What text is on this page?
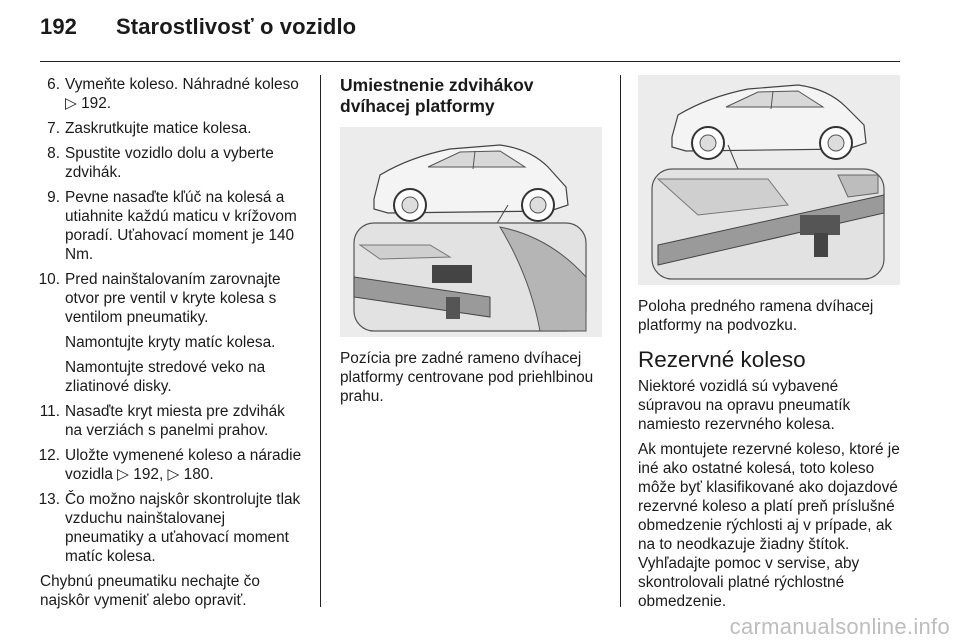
192 Starostlivosť o vozidlo
6. Vymeňte koleso. Náhradné koleso ▷ 192.

7. Zaskrutkujte matice kolesa.

8. Spustite vozidlo dolu a vyberte zdvihák.

9. Pevne nasaďte kľúč na kolesá a utiahnite každú maticu v krížovom poradí. Uťahovací moment je 140 Nm.

10. Pred nainštalovaním zarovnajte otvor pre ventil v kryte kolesa s ventilom pneumatiky.

Namontujte kryty matíc kolesa.

Namontujte stredové veko na zliatinové disky.

11. Nasaďte kryt miesta pre zdvihák na verziách s panelmi prahov.

12. Uložte vymenené koleso a náradie vozidla ▷ 192, ▷ 180.

13. Čo možno najskôr skontrolujte tlak vzduchu nainštalovanej pneumatiky a uťahovací moment matíc kolesa.

Chybnú pneumatiku nechajte čo najskôr vymeniť alebo opraviť.

Umiestnenie zdvihákov dvíhacej platformy

Pozícia pre zadné rameno dvíhacej platformy centrovane pod priehlbinou prahu.

Poloha predného ramena dvíhacej platformy na podvozku.

Rezervné koleso

Niektoré vozidlá sú vybavené súpravou na opravu pneumatík namiesto rezervného kolesa.

Ak montujete rezervné koleso, ktoré je iné ako ostatné kolesá, toto koleso môže byť klasifikované ako dojazdové rezervné koleso a platí preň príslušné obmedzenie rýchlosti aj v prípade, ak na to neodkazuje žiadny štítok. Vyhľadajte pomoc v servise, aby skontrolovali platné rýchlostné obmedzenie.

carmanualsonline.info
